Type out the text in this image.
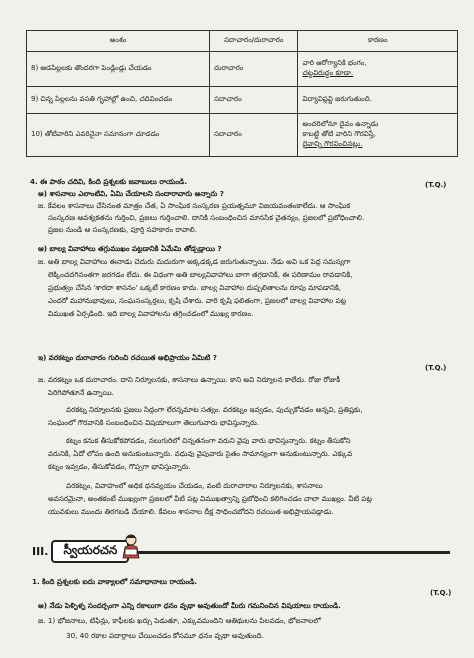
అంశం	సదాచారం/దురాచారం	కారణం
8) ఆడపిల్లలకు తొందరగా పెండ్లిండ్లు చేయడం	దురాచారం	వారి ఆరోగ్యానికి భంగం,
చట్టవిరుద్ధం కూడా.

9) చిన్న పిల్లలను వసతి గృహాల్లో ఉంచి, చదివించడం	సదాచారం	విద్యావిప్లవ్టి జరుగుతుంది.

10) తోటివారిని ఎవరినైనా సమానంగా చూడడం	సదాచారం	అందరిలోనూ దైవం ఉన్నాడు
కాబట్టి తోటి వారిని గౌరవిస్తే,
దైవాన్ని గౌరవించినట్లు.
4. ఈ పాఠం చదివి, కింది ప్రశ్నలకు జవాబులు రాయండి.	(T.Q.)
అ) శాసనాలు ఎలాంటివి, ఏమి చేయాలని సందారావారు అన్నారు ?
జ. కేవలం శాసనాలు చేసినంత మాత్రం చేత, ఏ సాంఘిక సంస్కరణ ప్రయత్నమూ విజయవంతంకాలేదు. ఆ సాంఘిక
సంస్కరణ ఆవశ్యకతను గుర్తించి, ప్రజలు గుర్తించాలి. దానికి సంబంధించిన మానసిక చైతన్యం, ప్రజలలో ప్రబోధించాలి.
ప్రజల నుండి ఆ సంస్కరణకు, పూర్తి సహకారం రావాలి.
ఆ) బాల్య వివాహాలు తగ్గుముఖం పట్టడానికి ఏమేమి తోడ్పడ్డాయి ?
జ. అతి బాల్య వివాహాలు ఈనాడు చెదురు మదురుగా అక్కడక్కడ జరుగుతున్నాయి. నేడు అవి ఒక పెద్ద సమస్యగా
లెక్కించదగినంతగా జరగడం లేదు. ఈ విధంగా అతి బాల్యవివాహాలు బాగా తగ్గడానికి, ఈ పరిణామం రావడానికి,
ప్రభుత్వం చేసిన 'శారదా శాసనం' ఒక్కటే కారణం కాదు. బాల్య వివాహాల దుష్ఫలితాలను రూపు మాపడానికి,
ఎందరో మహానుభావులు, సంఘసంస్కర్తలు, కృషి చేశారు. వారి కృషి ఫలితంగా, ప్రజలలో బాల్య వివాహాల పట్ల
విముఖత ఏర్పడింది. ఇది బాల్య వివాహాలను తగ్గించడంలో ముఖ్య కారణం.
ఇ) వరకట్నం దురాచారం గురించి రచయిత అభిప్రాయం ఏమిటి ?
(T.Q.)
జ. వరకట్నం ఒక దురాచారం. దాని నిర్మూలనకు, శాసనాలు ఉన్నాయి. కాని అవి నిర్మూలన కాలేదు. రోజు రోజుకీ
పెరిగిపోతూనే ఉన్నాయి.
వరకట్న నిర్మూలనకు ప్రజలు సిద్ధంగా లేరన్నమాట సత్యం. వరకట్నం ఇవ్వడం, పుచ్చుకోవడం అన్నవి, ప్రతిష్టకు,
సంఘంలో గౌరవానికి సంబంధించిన విషయాలుగా తెలుగువారు భావిస్తున్నారు.
కట్నం కనుక తీసుకోకపోవడం, నలుగురిలో చిన్నతనంగా వరుని వైపు వారు భావిస్తున్నారు. కట్నం తీసుకోని
వరునికి, ఏదో లోపం ఉంది అనుకుంటున్నారు. వధువు వైపువారు సైతం సామాన్యంగా అనుకుంటున్నారు. ఎక్కువ
కట్నం ఇవ్వడం, తీసుకోవడం, గొప్పగా భావిస్తున్నారు.
వరకట్నం, వివాహంలో అధిక ధనవ్యయం చేయడం, వంటి దురాచారాల నిర్మూలనకు, శాసనాలు
అవసరమైనా, అంతకంటే ముఖ్యంగా ప్రజలలో వీటి పట్ల విముఖత్వాన్ని ప్రబోధించి కలిగించడం చాలా ముఖ్యం. వీటి పట్ల
యువకులు ముందు తిరగబడి చేయాలి. కేవలం శాసనాల దీక్ష సాధించబోదని రచయిత అభిప్రాయపడ్డాడు.
III.	స్వీయరచన
1. కింది ప్రశ్నలకు ఐదు వాక్యాలలో సమాధానాలు రాయండి.
(T.Q.)
అ) నేడు పెళ్ళిళ్ళ సందర్భంగా ఎన్ని రకాలుగా ధనం వృథా అవుతుందో మీరు గమనించిన విషయాలు రాయండి.
జ. 1) భోజనాలు, టిఫిన్లు, కాఫీలకు ఖర్చు పెడుతూ, ఎక్కువమందిని ఆతిథులను పిలవడం, భోజనాలలో
30, 40 రకాల పదార్థాలు చేయించడం కోసమూ ధనం వృథా అవుతుంది.
